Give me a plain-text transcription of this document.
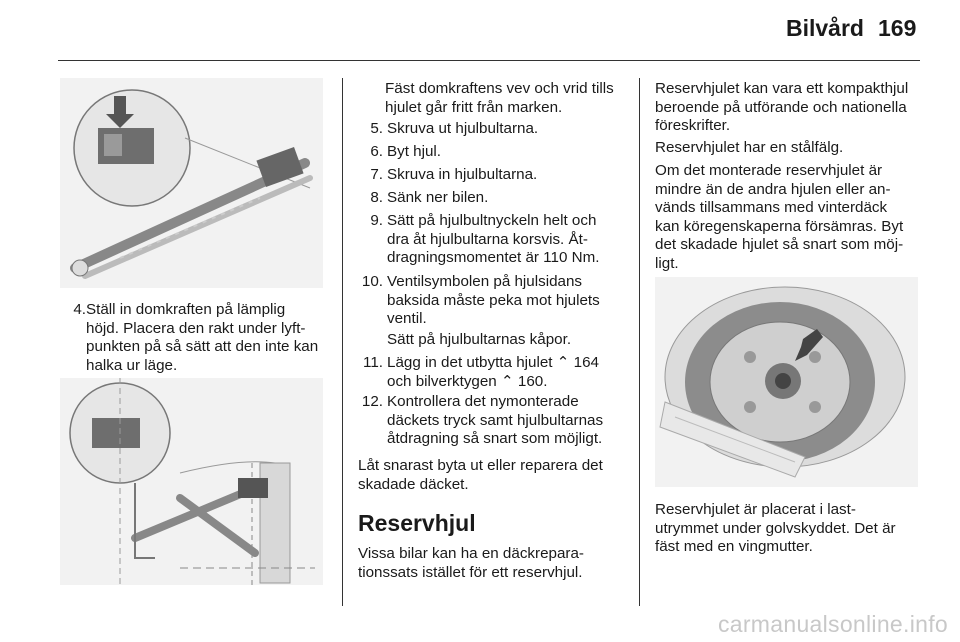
Bilvård 169
4. Ställ in domkraften på lämplig
höjd. Placera den rakt under lyft-
punkten på så sätt att den inte kan
halka ur läge.
Fäst domkraftens vev och vrid tills
hjulet går fritt från marken.
5. Skruva ut hjulbultarna.
6. Byt hjul.
7. Skruva in hjulbultarna.
8. Sänk ner bilen.
9. Sätt på hjulbultnyckeln helt och
dra åt hjulbultarna korsvis. Åt-
dragningsmomentet är 110 Nm.
10. Ventilsymbolen på hjulsidans
baksida måste peka mot hjulets
ventil.
Sätt på hjulbultarnas kåpor.
11. Lägg in det utbytta hjulet ⌃ 164
och bilverktygen ⌃ 160.
12. Kontrollera det nymonterade
däckets tryck samt hjulbultarnas
åtdragning så snart som möjligt.
Låt snarast byta ut eller reparera det
skadade däcket.
Reservhjul
Vissa bilar kan ha en däckrepara-
tionssats istället för ett reservhjul.
Reservhjulet kan vara ett kompakthjul
beroende på utförande och nationella
föreskrifter.
Reservhjulet har en stålfälg.
Om det monterade reservhjulet är
mindre än de andra hjulen eller an-
vänds tillsammans med vinterdäck
kan köregenskaperna försämras. Byt
det skadade hjulet så snart som möj-
ligt.
Reservhjulet är placerat i last-
utrymmet under golvskyddet. Det är
fäst med en vingmutter.
carmanualsonline.info
